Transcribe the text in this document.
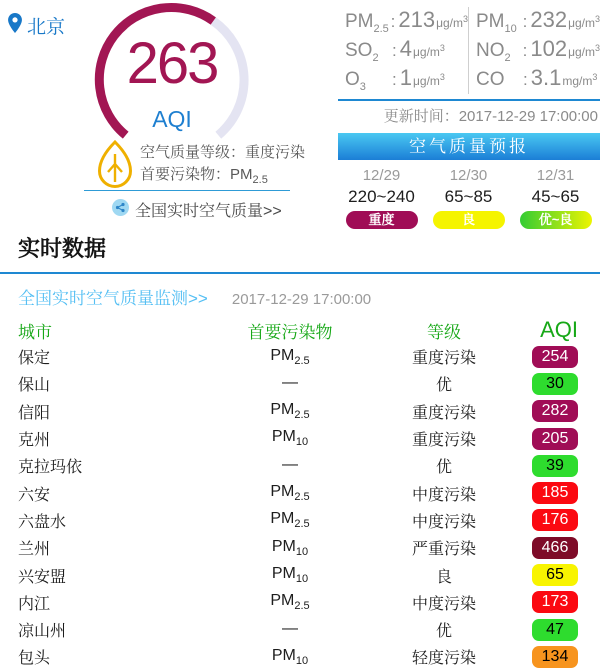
北京
263
AQI
空气质量等级：重度污染
首要污染物：$PM_{2.5}$
全国实时空气质量>>
$PM_{2.5}$ : 213 $\mu g/m^3$
$SO_2$ : 4 $\mu g/m^3$
$O_3$	: 1 $\mu g/m^3$
$PM_{10}$ : 232 $\mu g/m^3$
$NO_2$ : 102 $\mu g/m^3$
CO	: 3.1 $mg/m^3$
更新时间：2017-12-29 17:00:00
空气质量预报
12/29
220~240
重度
12/30
65~85
良
12/31
45~65
优~良
实时数据
全国实时空气质量监测>> 2017-12-29 17:00:00
城市	首要污染物	等级	AQI
保定	$PM_{2.5}$	重度污染	254
保山	—	优	30
信阳	$PM_{2.5}$	重度污染	282
克州	$PM_{10}$	重度污染	205
克拉玛依	—	优	39
六安	$PM_{2.5}$	中度污染	185
六盘水	$PM_{2.5}$	中度污染	176
兰州	$PM_{10}$	严重污染	466
兴安盟	$PM_{10}$	良	65
内江	$PM_{2.5}$	中度污染	173
凉山州	—	优	47
包头	$PM_{10}$	轻度污染	134
